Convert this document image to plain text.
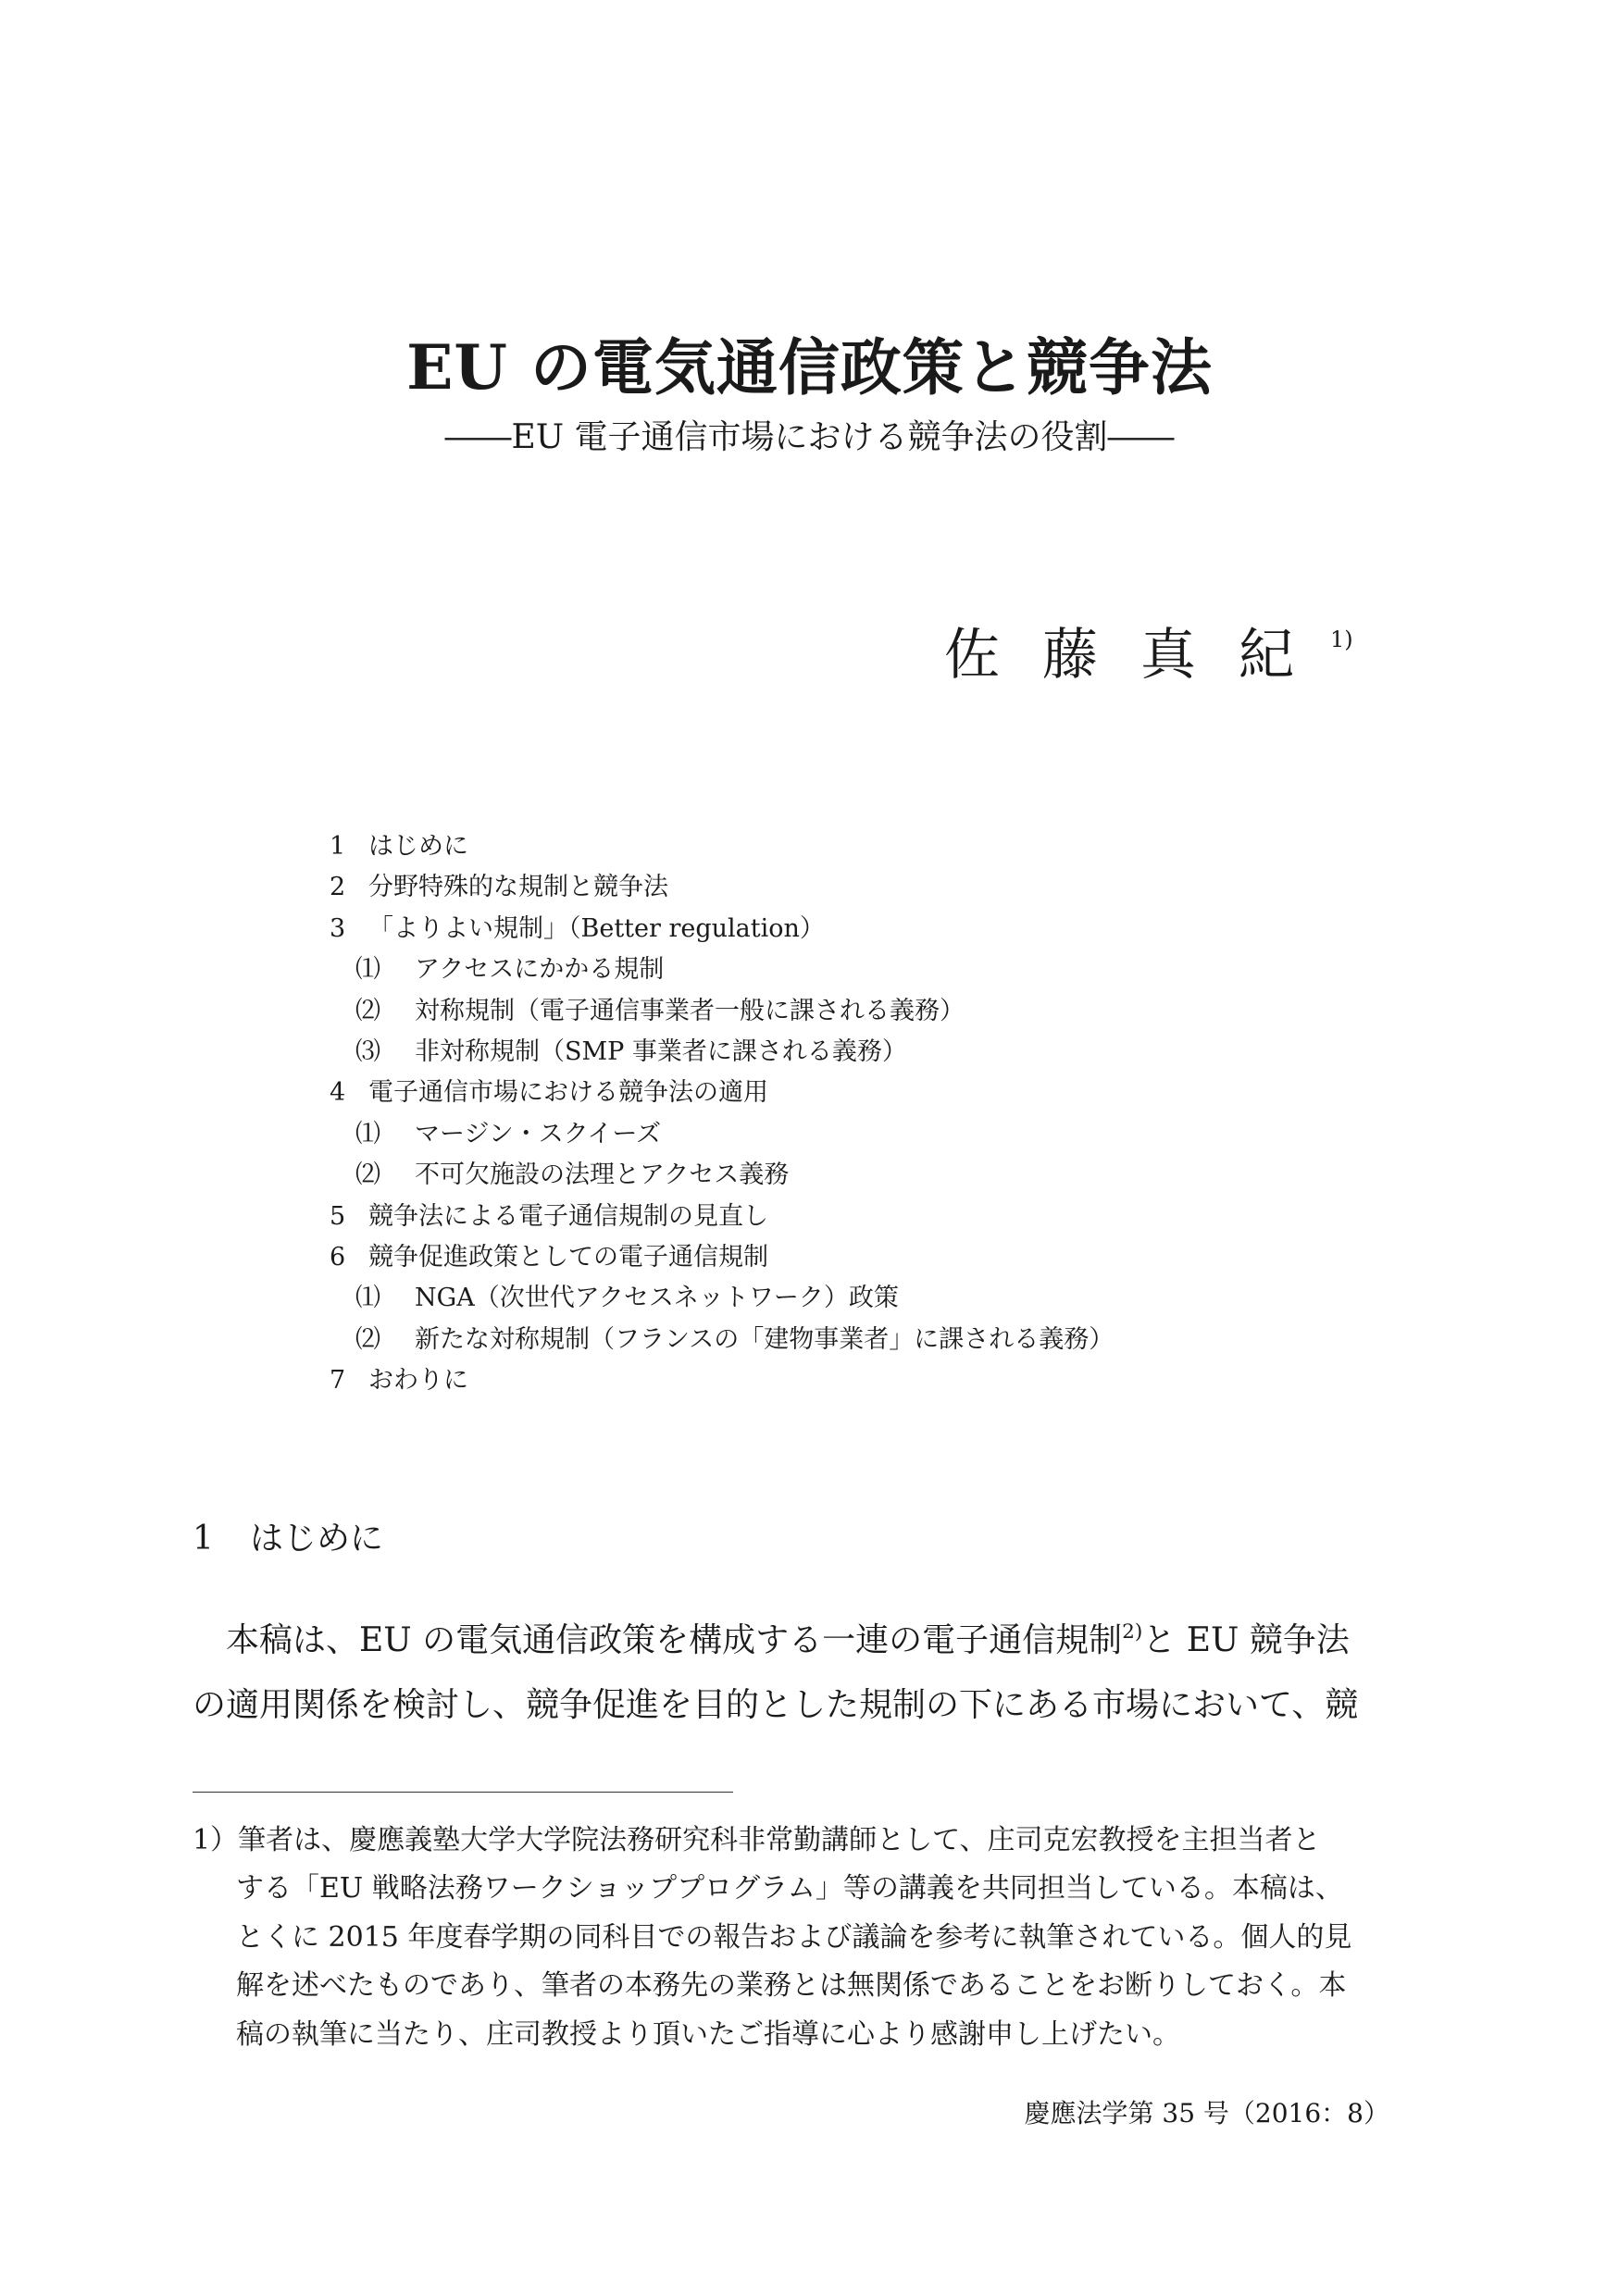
EU の電気通信政策と競争法
――EU 電子通信市場における競争法の役割――
佐藤真紀
1)
1 はじめに
2 分野特殊的な規制と競争法
3 「よりよい規制」（Better regulation）
⑴	アクセスにかかる規制
⑵	対称規制（電子通信事業者一般に課される義務）
⑶	非対称規制（SMP 事業者に課される義務）
4 電子通信市場における競争法の適用
⑴	マージン・スクイーズ
⑵	不可欠施設の法理とアクセス義務
5 競争法による電子通信規制の見直し
6 競争促進政策としての電子通信規制
⑴	NGA（次世代アクセスネットワーク）政策
⑵	新たな対称規制（フランスの「建物事業者」に課される義務）
7 おわりに
1 はじめに
本稿は、EU の電気通信政策を構成する一連の電子通信規制$^{2)}$と EU 競争法
の適用関係を検討し、競争促進を目的とした規制の下にある市場において、競
1）筆者は、慶應義塾大学大学院法務研究科非常勤講師として、庄司克宏教授を主担当者と
する「EU 戦略法務ワークショッププログラム」等の講義を共同担当している。本稿は、
とくに 2015 年度春学期の同科目での報告および議論を参考に執筆されている。個人的見
解を述べたものであり、筆者の本務先の業務とは無関係であることをお断りしておく。本
稿の執筆に当たり、庄司教授より頂いたご指導に心より感謝申し上げたい。
慶應法学第 35 号（2016：8）
